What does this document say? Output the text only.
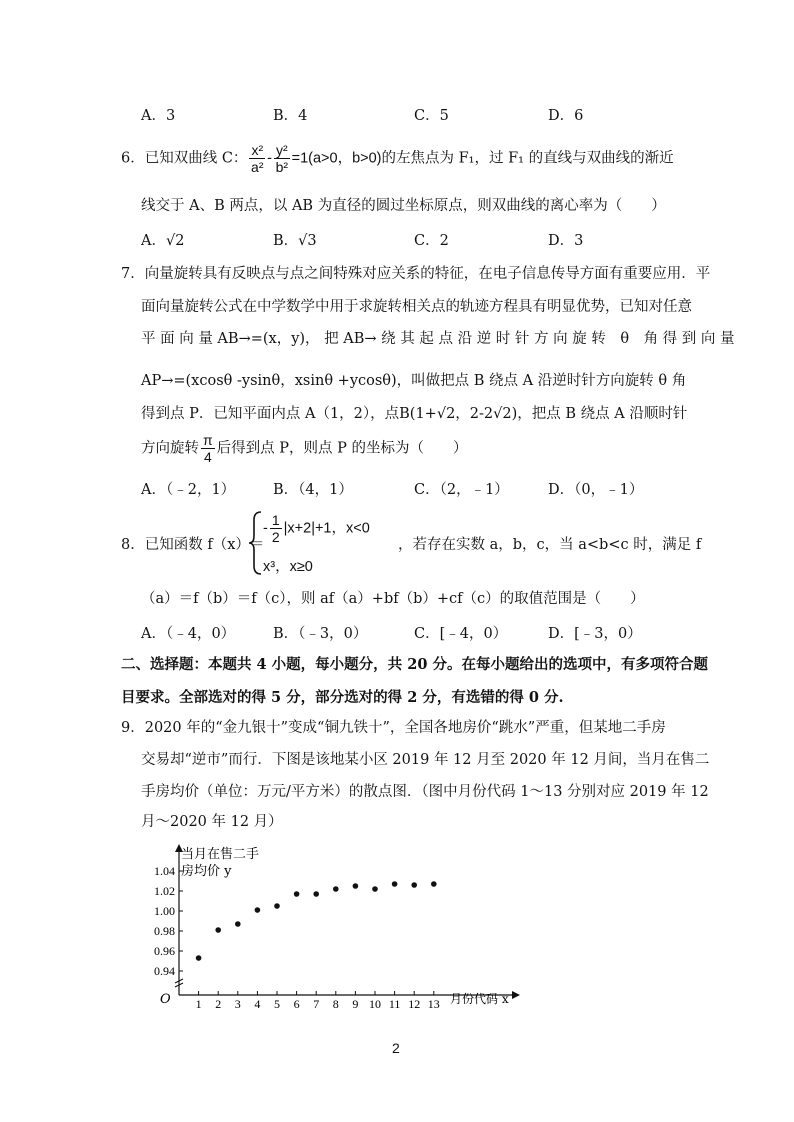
A．3	B．4	C．5	D．6
6．已知双曲线 C： $\frac{\text{x²}}{\text{a²}} - \frac{\text{y²}}{\text{b²}} =1(a>0$，b>0)的左焦点为 F₁，过 F₁ 的直线与双曲线的渐近
线交于 A、B 两点，以 AB 为直径的圆过坐标原点，则双曲线的离心率为（　　）
A．√2	B．√3	C．2	D．3
7．向量旋转具有反映点与点之间特殊对应关系的特征，在电子信息传导方面有重要应用．平
面向量旋转公式在中学数学中用于求旋转相关点的轨迹方程具有明显优势，已知对任意
平 面 向 量 AB→=(x，y)， 把 AB→ 绕 其 起 点 沿 逆 时 针 方 向 旋 转　θ　角 得 到 向 量
AP→=(xcosθ -ysinθ，xsinθ +ycosθ)，叫做把点 B 绕点 A 沿逆时针方向旋转 θ 角
得到点 P．已知平面内点 A（1，2），点B(1+√2，2-2√2)，把点 B 绕点 A 沿顺时针
方向旋转 $\frac{\pi}{4}$ 后得到点 P，则点 P 的坐标为（　　）
A．（﹣2，1）	B．（4，1）	C．（2，﹣1）	D．（0，﹣1）
8．已知函数 f（x）＝
- $\frac{1}{2} |x+2|+1$，x<0
x³，x≥0
，若存在实数 a，b，c，当 a<b<c 时，满足 f
（a）＝f（b）＝f（c），则 af（a）+bf（b）+cf（c）的取值范围是（　　）
A．（﹣4，0）	B．（﹣3，0）	C．[﹣4，0）	D．[﹣3，0）
二、选择题：本题共 4 小题，每小题分，共 20 分。在每小题给出的选项中，有多项符合题
目要求。全部选对的得 5 分，部分选对的得 2 分，有选错的得 0 分.
9．2020 年的“金九银十”变成“铜九铁十”，全国各地房价“跳水”严重，但某地二手房
交易却“逆市”而行．下图是该地某小区 2019 年 12 月至 2020 年 12 月间，当月在售二
手房均价（单位：万元/平方米）的散点图．（图中月份代码 1～13 分别对应 2019 年 12
月～2020 年 12 月）
0.94
0.96
0.98
1.00
1.02
1.04
1 2 3 4 5 6 7 8 9 10 11 12 13
当月在售二手
房均价 y
月份代码 x
O
2
